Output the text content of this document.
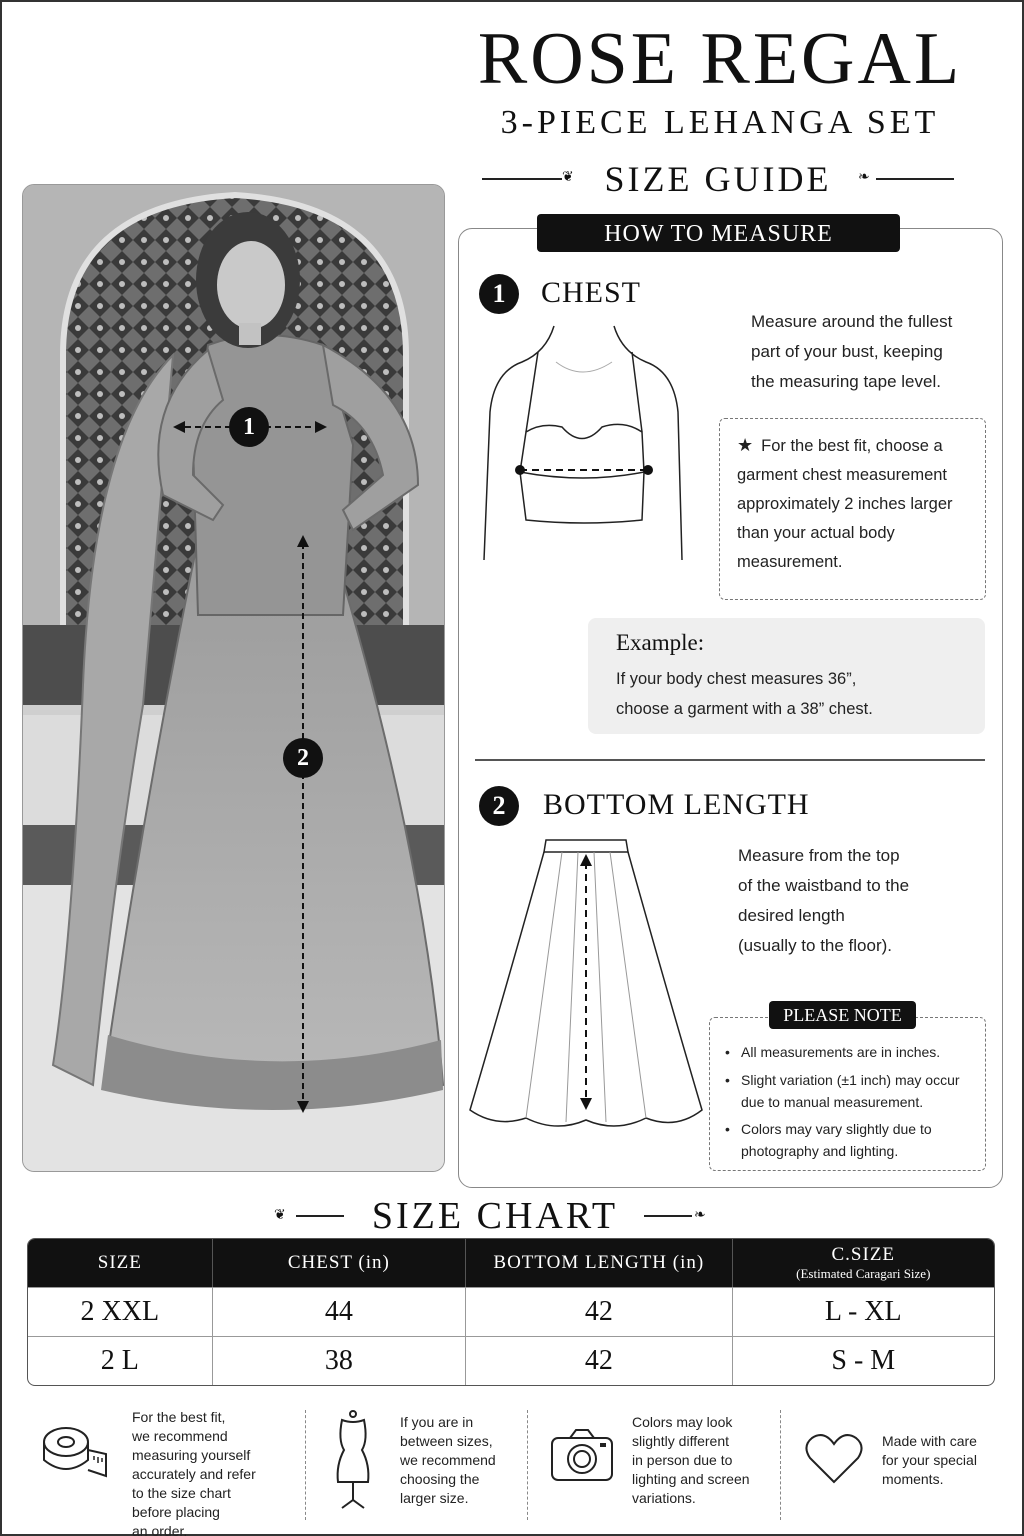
ROSE REGAL
3-PIECE LEHANGA SET
❦ SIZE GUIDE	❧
1
2
HOW TO MEASURE
1	CHEST
Measure around the fullest
part of your bust, keeping
the measuring tape level.
★ For the best fit, choose a
garment chest measurement
approximately 2 inches larger
than your actual body
measurement.
Example:
If your body chest measures 36”,
choose a garment with a 38” chest.
2	BOTTOM LENGTH
Measure from the top
of the waistband to the
desired length
(usually to the floor).
PLEASE NOTE
• All measurements are in inches.
• Slight variation (±1 inch) may occur
due to manual measurement.
• Colors may vary slightly due to
photography and lighting.
❦	SIZE CHART	❧
SIZE	CHEST (in)	BOTTOM LENGTH (in)	C.SIZE
(Estimated Caragari Size)

2 XXL	44	42	L - XL
2 L	38	42	S - M
For the best fit,
we recommend
measuring yourself
accurately and refer
to the size chart
before placing
an order.
If you are in
between sizes,
we recommend
choosing the
larger size.
Colors may look
slightly different
in person due to
lighting and screen
variations.
Made with care
for your special
moments.
